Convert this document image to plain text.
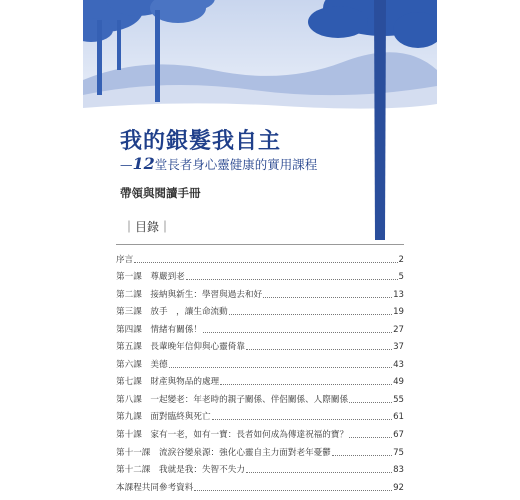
我的銀髮我自主
—12堂長者身心靈健康的實用課程
帶領與閱讀手冊
｜目錄｜
序言	2
第一課　尊嚴到老	5
第二課　接納與新生：學習與過去和好	13
第三課　放手　，讓生命流動	19
第四課　情緒有關係！	27
第五課　長輩晚年信仰與心靈倚靠	37
第六課　美德	43
第七課　財產與物品的處理	49
第八課　一起變老：年老時的親子關係、伴侶關係、人際關係	55
第九課　面對臨終與死亡	61
第十課　家有一老，如有一寶：長者如何成為傳達祝福的寶？	67
第十一課　流淚谷變泉源：強化心靈自主力面對老年憂鬱	75
第十二課　我就是我：失智不失力	83
本課程共同參考資料	92
